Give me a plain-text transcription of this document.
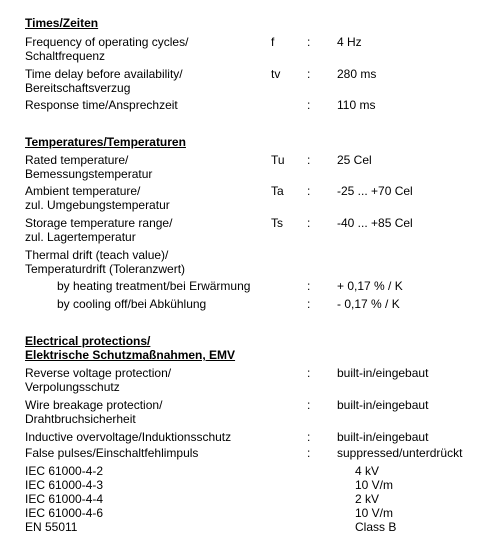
Times/Zeiten
Frequency of operating cycles/
Schaltfrequenz
f	: 4 Hz
Time delay before availability/
Bereitschaftsverzug
tv : 280 ms
Response time/Ansprechzeit	: 110 ms
Temperatures/Temperaturen
Rated temperature/
Bemessungstemperatur
Tu : 25 Cel
Ambient temperature/
zul. Umgebungstemperatur
Ta : -25 ... +70 Cel
Storage temperature range/
zul. Lagertemperatur
Ts : -40 ... +85 Cel
Thermal drift (teach value)/
Temperaturdrift (Toleranzwert)
by heating treatment/bei Erwärmung	: + 0,17 % / K
by cooling off/bei Abkühlung	: - 0,17 % / K
Electrical protections/
Elektrische Schutzmaßnahmen, EMV
Reverse voltage protection/
Verpolungsschutz
: built-in/eingebaut
Wire breakage protection/
Drahtbruchsicherheit
: built-in/eingebaut
Inductive overvoltage/Induktionsschutz	: built-in/eingebaut
False pulses/Einschaltfehlimpuls	: suppressed/unterdrückt
IEC 61000-4-2	4 kV
IEC 61000-4-3	10 V/m
IEC 61000-4-4	2 kV
IEC 61000-4-6	10 V/m
EN 55011	Class B
